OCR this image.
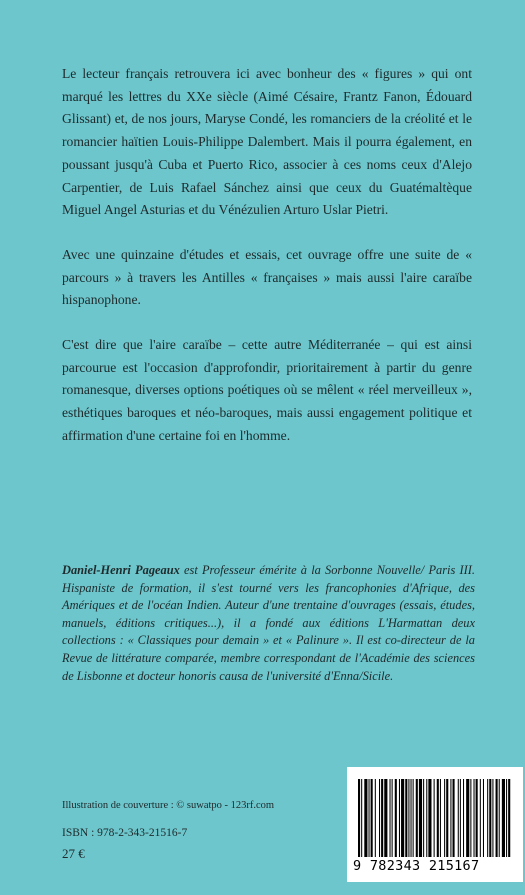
Le lecteur français retrouvera ici avec bonheur des « figures » qui ont marqué les lettres du XXe siècle (Aimé Césaire, Frantz Fanon, Édouard Glissant) et, de nos jours, Maryse Condé, les romanciers de la créolité et le romancier haïtien Louis-Philippe Dalembert. Mais il pourra également, en poussant jusqu'à Cuba et Puerto Rico, associer à ces noms ceux d'Alejo Carpentier, de Luis Rafael Sánchez ainsi que ceux du Guatémaltèque Miguel Angel Asturias et du Vénézulien Arturo Uslar Pietri.

Avec une quinzaine d'études et essais, cet ouvrage offre une suite de « parcours » à travers les Antilles « françaises » mais aussi l'aire caraïbe hispanophone.

C'est dire que l'aire caraïbe – cette autre Méditerranée – qui est ainsi parcourue est l'occasion d'approfondir, prioritairement à partir du genre romanesque, diverses options poétiques où se mêlent « réel merveilleux », esthétiques baroques et néo-baroques, mais aussi engagement politique et affirmation d'une certaine foi en l'homme.

Daniel-Henri Pageaux est Professeur émérite à la Sorbonne Nouvelle/ Paris III. Hispaniste de formation, il s'est tourné vers les francophonies d'Afrique, des Amériques et de l'océan Indien. Auteur d'une trentaine d'ouvrages (essais, études, manuels, éditions critiques...), il a fondé aux éditions L'Harmattan deux collections : « Classiques pour demain » et « Palinure ». Il est co-directeur de la Revue de littérature comparée, membre correspondant de l'Académie des sciences de Lisbonne et docteur honoris causa de l'université d'Enna/Sicile.

Illustration de couverture : © suwatpo - 123rf.com
ISBN : 978-2-343-21516-7
27 €
9 782343 215167
